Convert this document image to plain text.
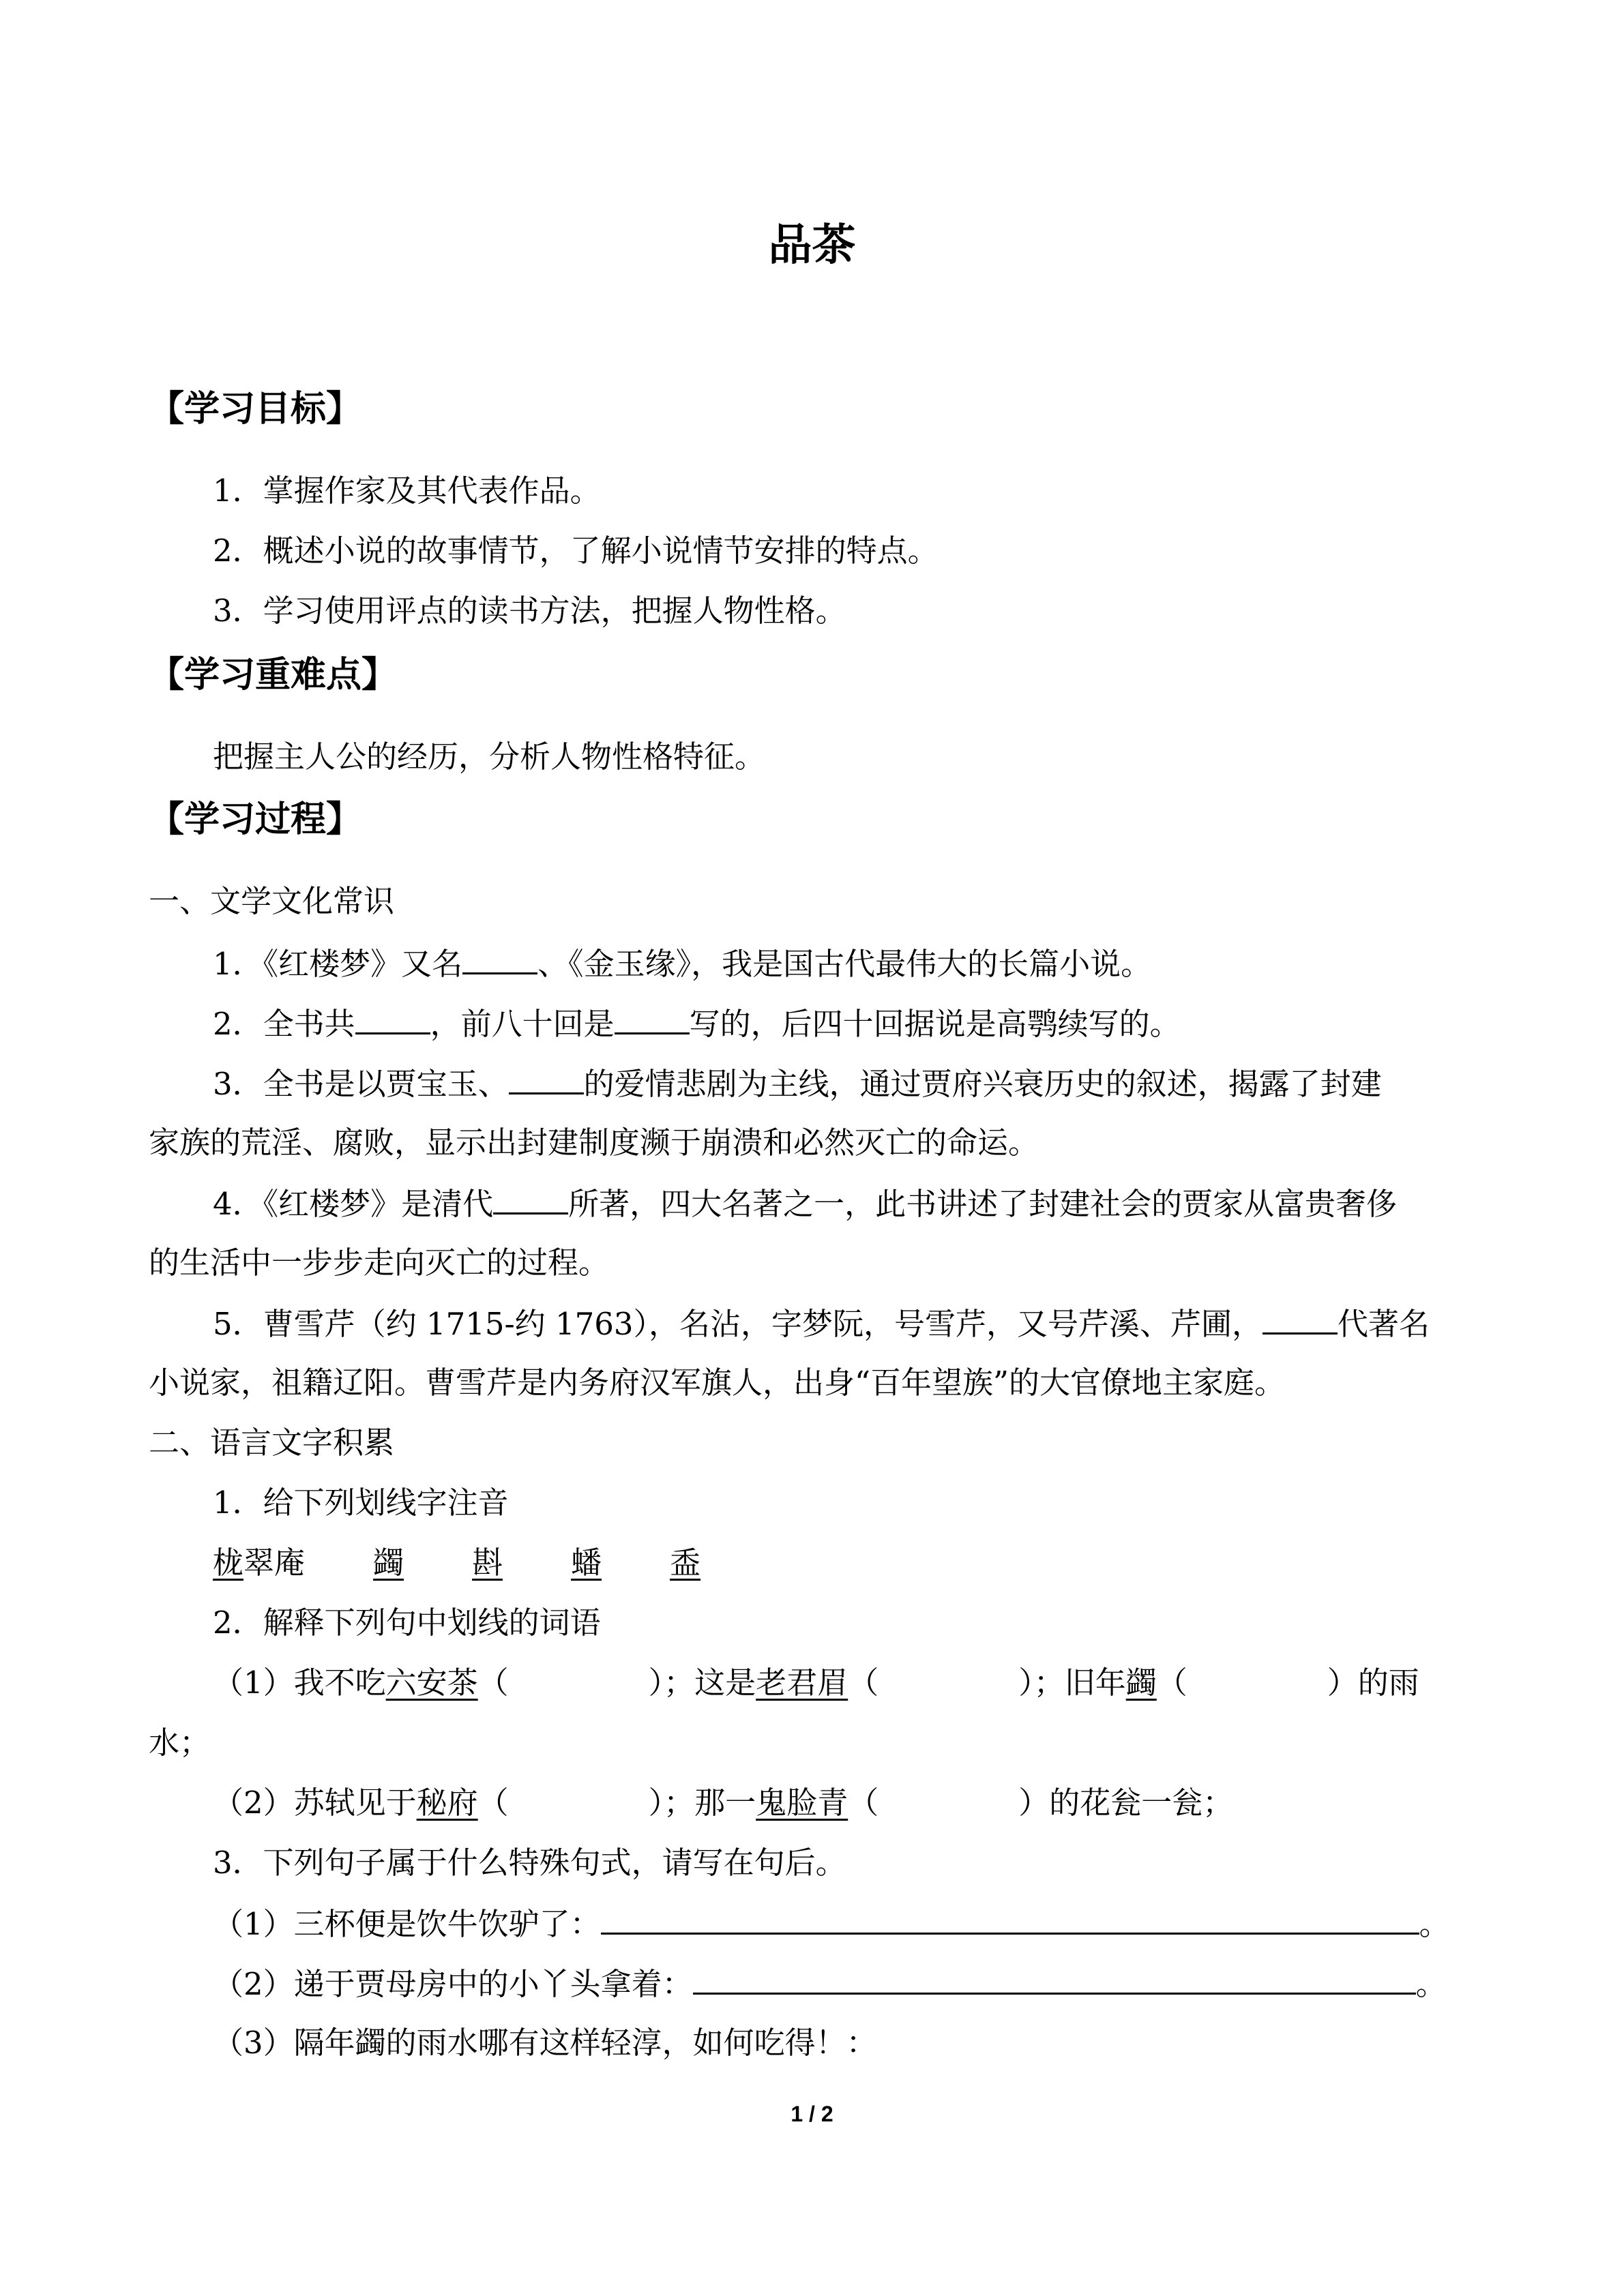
品茶
【学习目标】
1．掌握作家及其代表作品。
2．概述小说的故事情节，了解小说情节安排的特点。
3．学习使用评点的读书方法，把握人物性格。
【学习重难点】
把握主人公的经历，分析人物性格特征。
【学习过程】
一、文学文化常识
1．《红楼梦》又名 、《金玉缘》，我是国古代最伟大的长篇小说。
2．全书共 ，前八十回是 写的，后四十回据说是高鹗续写的。
3．全书是以贾宝玉、 的爱情悲剧为主线，通过贾府兴衰历史的叙述，揭露了封建
家族的荒淫、腐败，显示出封建制度濒于崩溃和必然灭亡的命运。
4．《红楼梦》是清代 所著，四大名著之一，此书讲述了封建社会的贾家从富贵奢侈
的生活中一步步走向灭亡的过程。
5．曹雪芹（约 1715-约 1763），名沾，字梦阮，号雪芹，又号芹溪、芹圃， 代著名
小说家，祖籍辽阳。曹雪芹是内务府汉军旗人，出身“百年望族”的大官僚地主家庭。
二、语言文字积累
1．给下列划线字注音
栊翠庵 蠲 斟 蟠 盉
2．解释下列句中划线的词语
（1）我不吃六安茶（	）；这是老君眉（	）；旧年蠲（	）的雨
水；
（2）苏轼见于秘府（	）；那一鬼脸青（	）的花瓮一瓮；
3．下列句子属于什么特殊句式，请写在句后。
（1）三杯便是饮牛饮驴了：	。
（2）递于贾母房中的小丫头拿着：	。
（3）隔年蠲的雨水哪有这样轻淳，如何吃得！：
1 / 2
